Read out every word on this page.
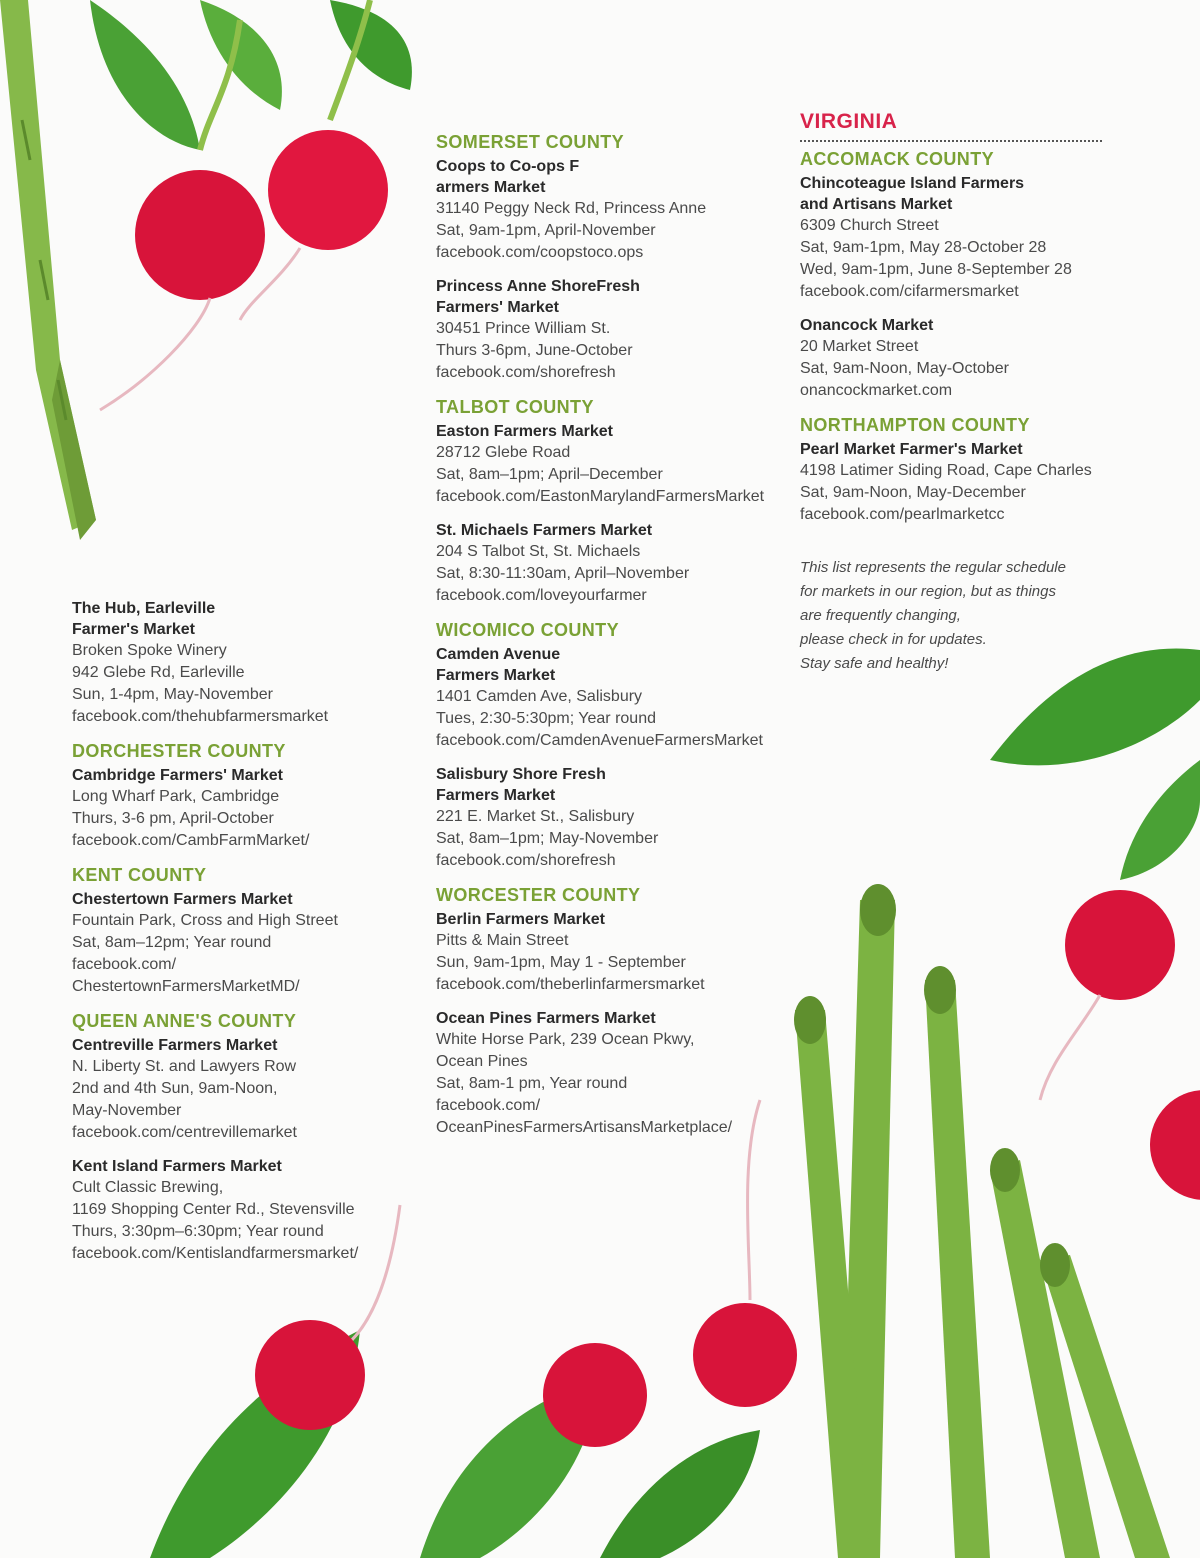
The Hub, Earleville
Farmer's Market
Broken Spoke Winery
942 Glebe Rd, Earleville
Sun, 1-4pm, May-November
facebook.com/thehubfarmersmarket
DORCHESTER COUNTY
Cambridge Farmers' Market
Long Wharf Park, Cambridge
Thurs, 3-6 pm, April-October
facebook.com/CambFarmMarket/
KENT COUNTY
Chestertown Farmers Market
Fountain Park, Cross and High Street
Sat, 8am–12pm; Year round
facebook.com/
ChestertownFarmersMarketMD/
QUEEN ANNE'S COUNTY
Centreville Farmers Market
N. Liberty St. and Lawyers Row
2nd and 4th Sun, 9am-Noon,
May-November
facebook.com/centrevillemarket
Kent Island Farmers Market
Cult Classic Brewing,
1169 Shopping Center Rd., Stevensville
Thurs, 3:30pm–6:30pm; Year round
facebook.com/Kentislandfarmersmarket/
SOMERSET COUNTY
Coops to Co-ops F
armers Market
31140 Peggy Neck Rd, Princess Anne
Sat, 9am-1pm, April-November
facebook.com/coopstoco.ops
Princess Anne ShoreFresh
Farmers' Market
30451 Prince William St.
Thurs 3-6pm, June-October
facebook.com/shorefresh
TALBOT COUNTY
Easton Farmers Market
28712 Glebe Road
Sat, 8am–1pm; April–December
facebook.com/EastonMarylandFarmersMarket
St. Michaels Farmers Market
204 S Talbot St, St. Michaels
Sat, 8:30-11:30am, April–November
facebook.com/loveyourfarmer
WICOMICO COUNTY
Camden Avenue
Farmers Market
1401 Camden Ave, Salisbury
Tues, 2:30-5:30pm; Year round
facebook.com/CamdenAvenueFarmersMarket
Salisbury Shore Fresh
Farmers Market
221 E. Market St., Salisbury
Sat, 8am–1pm; May-November
facebook.com/shorefresh
WORCESTER COUNTY
Berlin Farmers Market
Pitts & Main Street
Sun, 9am-1pm, May 1 - September
facebook.com/theberlinfarmersmarket
Ocean Pines Farmers Market
White Horse Park, 239 Ocean Pkwy,
Ocean Pines
Sat, 8am-1 pm, Year round
facebook.com/
OceanPinesFarmersArtisansMarketplace/
VIRGINIA
ACCOMACK COUNTY
Chincoteague Island Farmers
and Artisans Market
6309 Church Street
Sat, 9am-1pm, May 28-October 28
Wed, 9am-1pm, June 8-September 28
facebook.com/cifarmersmarket
Onancock Market
20 Market Street
Sat, 9am-Noon, May-October
onancockmarket.com
NORTHAMPTON COUNTY
Pearl Market Farmer's Market
4198 Latimer Siding Road, Cape Charles
Sat, 9am-Noon, May-December
facebook.com/pearlmarketcc
This list represents the regular schedule
for markets in our region, but as things
are frequently changing,
please check in for updates.
Stay safe and healthy!
